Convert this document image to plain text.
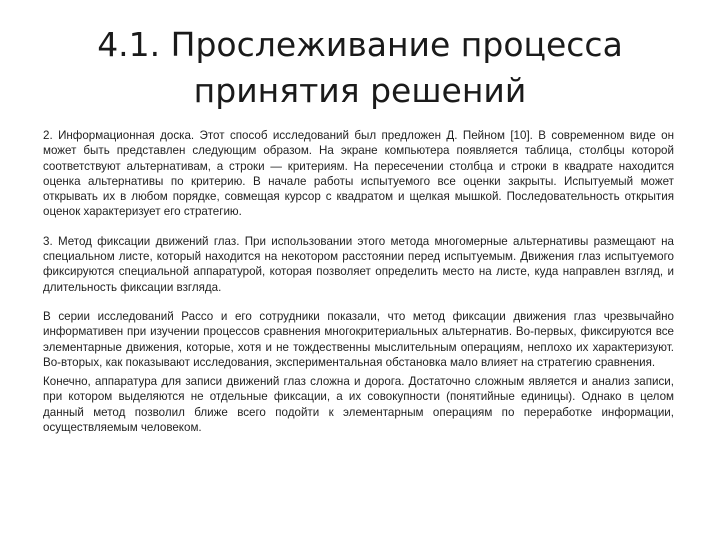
4.1. Прослеживание процесса
принятия решений

2. Информационная доска. Этот способ исследований был предложен Д. Пейном [10]. В современном виде он может быть представлен следующим образом. На экране компьютера появляется таблица, столбцы которой соответствуют альтернативам, а строки — критериям. На пересечении столбца и строки в квадрате находится оценка альтернативы по критерию. В начале работы испытуемого все оценки закрыты. Испытуемый может открывать их в любом порядке, совмещая курсор с квадратом и щелкая мышкой. Последовательность открытия оценок характеризует его стратегию.

3. Метод фиксации движений глаз. При использовании этого метода многомерные альтернативы размещают на специальном листе, который находится на некотором расстоянии перед испытуемым. Движения глаз испытуемого фиксируются специальной аппаратурой, которая позволяет определить место на листе, куда направлен взгляд, и длительность фиксации взгляда.

В серии исследований Рассо и его сотрудники показали, что метод фиксации движения глаз чрезвычайно информативен при изучении процессов сравнения многокритериальных альтернатив. Во-первых, фиксируются все элементарные движения, которые, хотя и не тождественны мыслительным операциям, неплохо их характеризуют. Во-вторых, как показывают исследования, экспериментальная обстановка мало влияет на стратегию сравнения.

Конечно, аппаратура для записи движений глаз сложна и дорога. Достаточно сложным является и анализ записи, при котором выделяются не отдельные фиксации, а их совокупности (понятийные единицы). Однако в целом данный метод позволил ближе всего подойти к элементарным операциям по переработке информации, осуществляемым человеком.
